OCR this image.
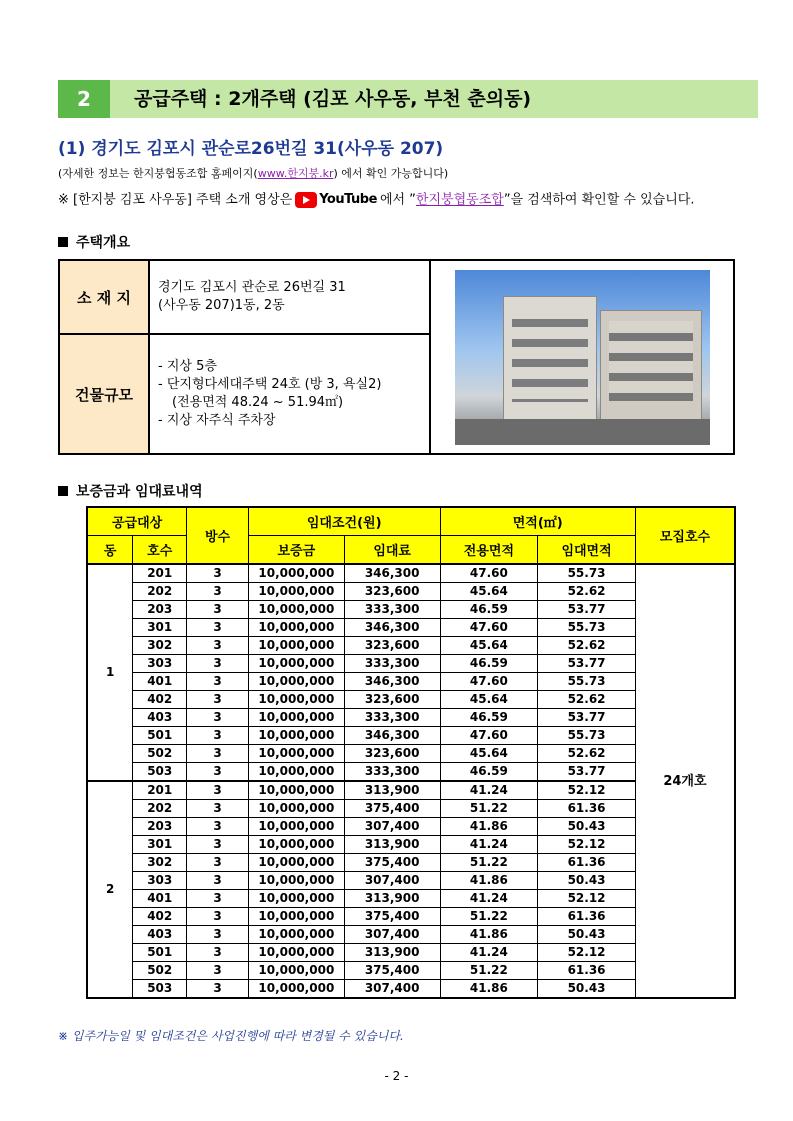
2	공급주택 : 2개주택 (김포 사우동, 부천 춘의동)
(1) 경기도 김포시 관순로26번길 31(사우동 207)
(자세한 정보는 한지붕협동조합 홈페이지(www.한지붕.kr) 에서 확인 가능합니다)
※ [한지붕 김포 사우동] 주택 소개 영상은 YouTube 에서 ”한지붕협동조합”을 검색하여 확인할 수 있습니다.
주택개요
소 재 지	경기도 김포시 관순로 26번길 31
(사우동 207)1동, 2동	

건물규모	- 지상 5층
- 단지형다세대주택 24호 (방 3, 욕실2)
(전용면적 48.24 ~ 51.94㎡)
- 지상 자주식 주차장	
보증금과 임대료내역
공급대상		방수	임대조건(원)		면적(㎡)		모집호수
동	호수		보증금	임대료	전용면적	임대면적	
1	201	3	10,000,000	346,300	47.60	55.73	24개호
	202	3	10,000,000	323,600	45.64	52.62	
	203	3	10,000,000	333,300	46.59	53.77	
	301	3	10,000,000	346,300	47.60	55.73	
	302	3	10,000,000	323,600	45.64	52.62	
	303	3	10,000,000	333,300	46.59	53.77	
	401	3	10,000,000	346,300	47.60	55.73	
	402	3	10,000,000	323,600	45.64	52.62	
	403	3	10,000,000	333,300	46.59	53.77	
	501	3	10,000,000	346,300	47.60	55.73	
	502	3	10,000,000	323,600	45.64	52.62	
	503	3	10,000,000	333,300	46.59	53.77	
2	201	3	10,000,000	313,900	41.24	52.12	
	202	3	10,000,000	375,400	51.22	61.36	
	203	3	10,000,000	307,400	41.86	50.43	
	301	3	10,000,000	313,900	41.24	52.12	
	302	3	10,000,000	375,400	51.22	61.36	
	303	3	10,000,000	307,400	41.86	50.43	
	401	3	10,000,000	313,900	41.24	52.12	
	402	3	10,000,000	375,400	51.22	61.36	
	403	3	10,000,000	307,400	41.86	50.43	
	501	3	10,000,000	313,900	41.24	52.12	
	502	3	10,000,000	375,400	51.22	61.36	
	503	3	10,000,000	307,400	41.86	50.43	
※ 입주가능일 및 임대조건은 사업진행에 따라 변경될 수 있습니다.
- 2 -
